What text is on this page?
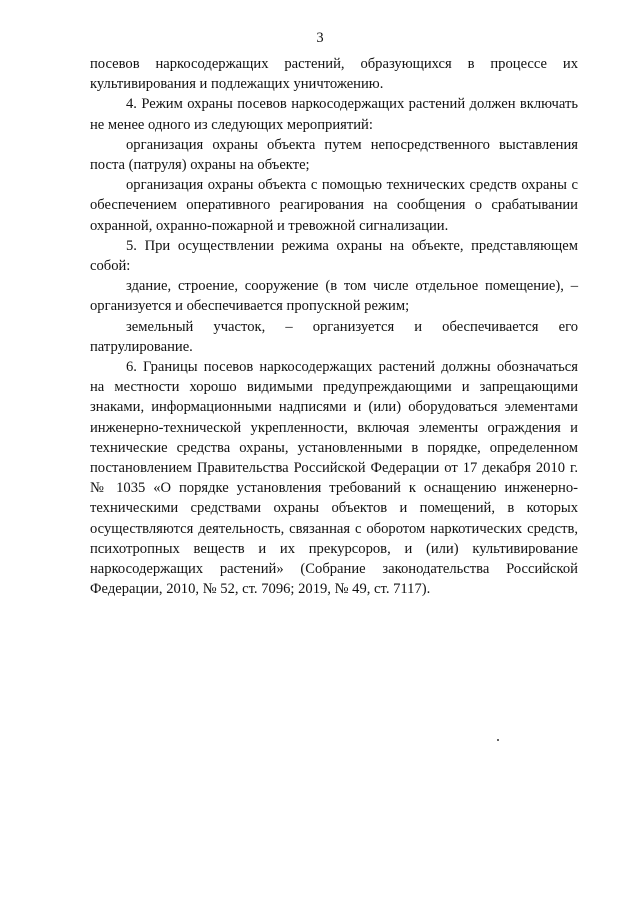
3

посевов наркосодержащих растений, образующихся в процессе их культивирования и подлежащих уничтожению.

4. Режим охраны посевов наркосодержащих растений должен включать не менее одного из следующих мероприятий:

организация охраны объекта путем непосредственного выставления поста (патруля) охраны на объекте;

организация охраны объекта с помощью технических средств охраны с обеспечением оперативного реагирования на сообщения о срабатывании охранной, охранно-пожарной и тревожной сигнализации.

5. При осуществлении режима охраны на объекте, представляющем собой:

здание, строение, сооружение (в том числе отдельное помещение), – организуется и обеспечивается пропускной режим;

земельный участок, – организуется и обеспечивается его патрулирование.

6. Границы посевов наркосодержащих растений должны обозначаться на местности хорошо видимыми предупреждающими и запрещающими знаками, информационными надписями и (или) оборудоваться элементами инженерно-технической укрепленности, включая элементы ограждения и технические средства охраны, установленными в порядке, определенном постановлением Правительства Российской Федерации от 17 декабря 2010 г. № 1035 «О порядке установления требований к оснащению инженерно-техническими средствами охраны объектов и помещений, в которых осуществляются деятельность, связанная с оборотом наркотических средств, психотропных веществ и их прекурсоров, и (или) культивирование наркосодержащих растений» (Собрание законодательства Российской Федерации, 2010, № 52, ст. 7096; 2019, № 49, ст. 7117).
